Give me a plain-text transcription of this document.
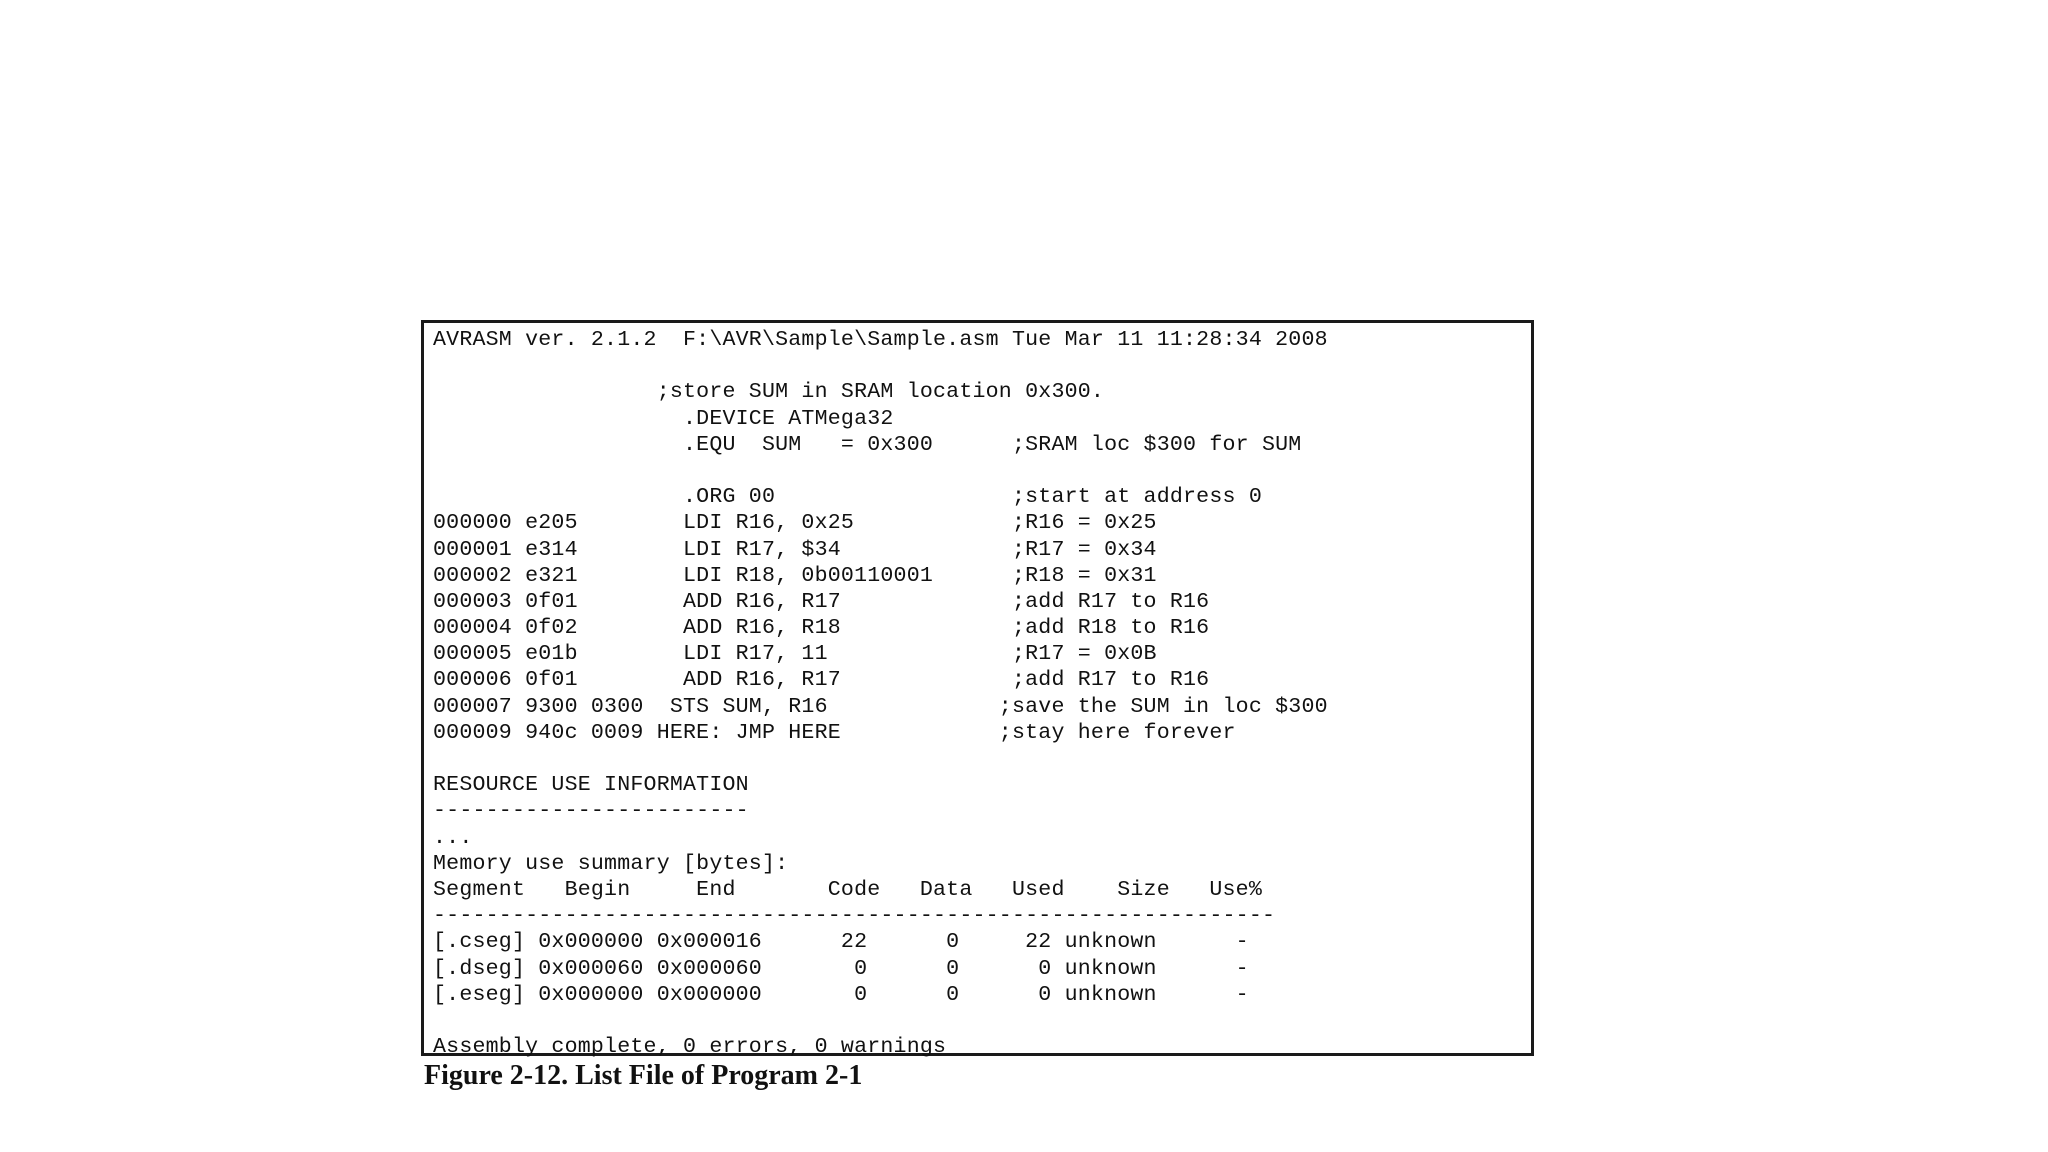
AVRASM ver. 2.1.2  F:\AVR\Sample\Sample.asm Tue Mar 11 11:28:34 2008
;store SUM in SRAM location 0x300.
.DEVICE ATMega32
.EQU  SUM   = 0x300      ;SRAM loc $300 for SUM
.ORG 00                  ;start at address 0
000000 e205        LDI R16, 0x25            ;R16 = 0x25
000001 e314        LDI R17, $34             ;R17 = 0x34
000002 e321        LDI R18, 0b00110001      ;R18 = 0x31
000003 0f01        ADD R16, R17             ;add R17 to R16
000004 0f02        ADD R16, R18             ;add R18 to R16
000005 e01b        LDI R17, 11              ;R17 = 0x0B
000006 0f01        ADD R16, R17             ;add R17 to R16
000007 9300 0300  STS SUM, R16             ;save the SUM in loc $300
000009 940c 0009 HERE: JMP HERE            ;stay here forever
RESOURCE USE INFORMATION
------------------------
...
Memory use summary [bytes]:
Segment   Begin     End       Code   Data   Used    Size   Use%
----------------------------------------------------------------
[.cseg] 0x000000 0x000016      22      0     22 unknown      -
[.dseg] 0x000060 0x000060       0      0      0 unknown      -
[.eseg] 0x000000 0x000000       0      0      0 unknown      -
Assembly complete, 0 errors, 0 warnings
Figure 2-12. List File of Program 2-1
